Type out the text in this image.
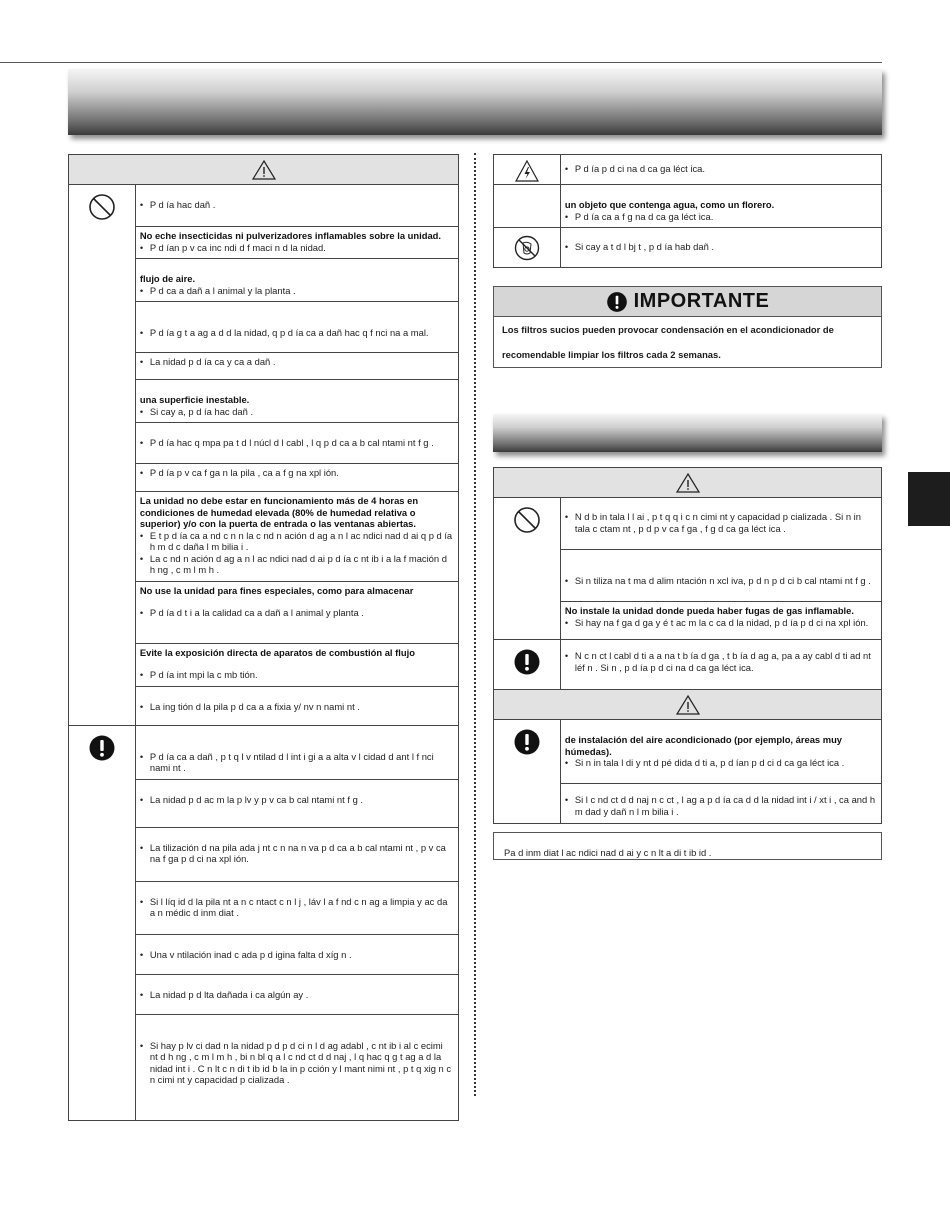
• P d ía hac dañ .

	No eche insecticidas ni pulverizadores inflamables sobre la unidad.
• P d ían p v ca inc ndi d f maci n d la nidad.

	flujo de aire.
• P d ca a dañ a l animal y la planta .

	• P d ía g t a ag a d d la nidad, q p d ía ca a dañ hac q f nci na a mal.

	• La nidad p d ía ca y ca a dañ .

	una superficie inestable.
• Si cay a, p d ía hac dañ .

	• P d ía hac q mpa pa t d l núcl d l cabl , l q p d ca a b cal ntami nt f g .

	• P d ía p v ca f ga n la pila , ca a f g na xpl ión.

	La unidad no debe estar en funcionamiento más de 4 horas en condiciones de humedad elevada (80% de humedad relativa o superior) y/o con la puerta de entrada o las ventanas abiertas.
• E t p d ía ca a nd c n n la c nd n ación d ag a n l ac ndici nad d ai q p d ía h m d c daña l m bilia i .
• La c nd n ación d ag a n l ac ndici nad d ai p d ía c nt ib i a la f mación d h ng , c m l m h .

	No use la unidad para fines especiales, como para almacenar
• P d ía d t i a la calidad ca a dañ a l animal y planta .

	Evite la exposición directa de aparatos de combustión al flujo
• P d ía int mpi la c mb tión.

	• La ing tión d la pila p d ca a a fixia y/ nv n nami nt .

• P d ía ca a dañ , p t q l v ntilad d l int i gi a a alta v l cidad d ant l f nci nami nt .

	• La nidad p d ac m la p lv y p v ca b cal ntami nt f g .

	• La tilización d na pila ada j nt c n na n va p d ca a b cal ntami nt , p v ca na f ga p d ci na xpl ión.

	• Si l líq id d la pila nt a n c ntact c n l j , láv l a f nd c n ag a limpia y ac da a n médic d inm diat .

	• Una v ntilación inad c ada p d igina falta d xíg n .

	• La nidad p d lta dañada i ca algún ay .

	• Si hay p lv ci dad n la nidad p d p d ci n l d ag adabl , c nt ib i al c ecimi nt d h ng , c m l m h , bi n bl q a l c nd ct d d naj , l q hac q g t ag a d la nidad int i . C n lt c n di t ib id b la in p cción y l mant nimi nt , p t q xig n c n cimi nt y capacidad p cializada .

• P d ía p d ci na d ca ga léct ica.

	un objeto que contenga agua, como un florero.
• P d ía ca a f g na d ca ga léct ica.

• Si cay a t d l bj t , p d ía hab dañ .
IMPORTANTE
Los filtros sucios pueden provocar condensación en el acondicionador de
recomendable limpiar los filtros cada 2 semanas.

• N d b in tala l l ai , p t q q i c n cimi nt y capacidad p cializada . Si n in tala c ctam nt , p d p v ca f ga , f g d ca ga léct ica .

	• Si n tiliza na t ma d alim ntación n xcl iva, p d n p d ci b cal ntami nt f g .

	No instale la unidad donde pueda haber fugas de gas inflamable.
• Si hay na f ga d ga y é t ac m la c ca d la nidad, p d ía p d ci na xpl ión.

• N c n ct l cabl d ti a a na t b ía d ga , t b ía d ag a, pa a ay cabl d ti ad nt léf n . Si n , p d ía p d ci na d ca ga léct ica.

de instalación del aire acondicionado (por ejemplo, áreas muy húmedas).
• Si n in tala l di y nt d pé dida d ti a, p d ían p d ci d ca ga léct ica .

	• Si l c nd ct d d naj n c ct , l ag a p d ía ca d d la nidad int i / xt i , ca and h m dad y dañ n l m bilia i .
Pa d inm diat l ac ndici nad d ai y c n lt a di t ib id .
